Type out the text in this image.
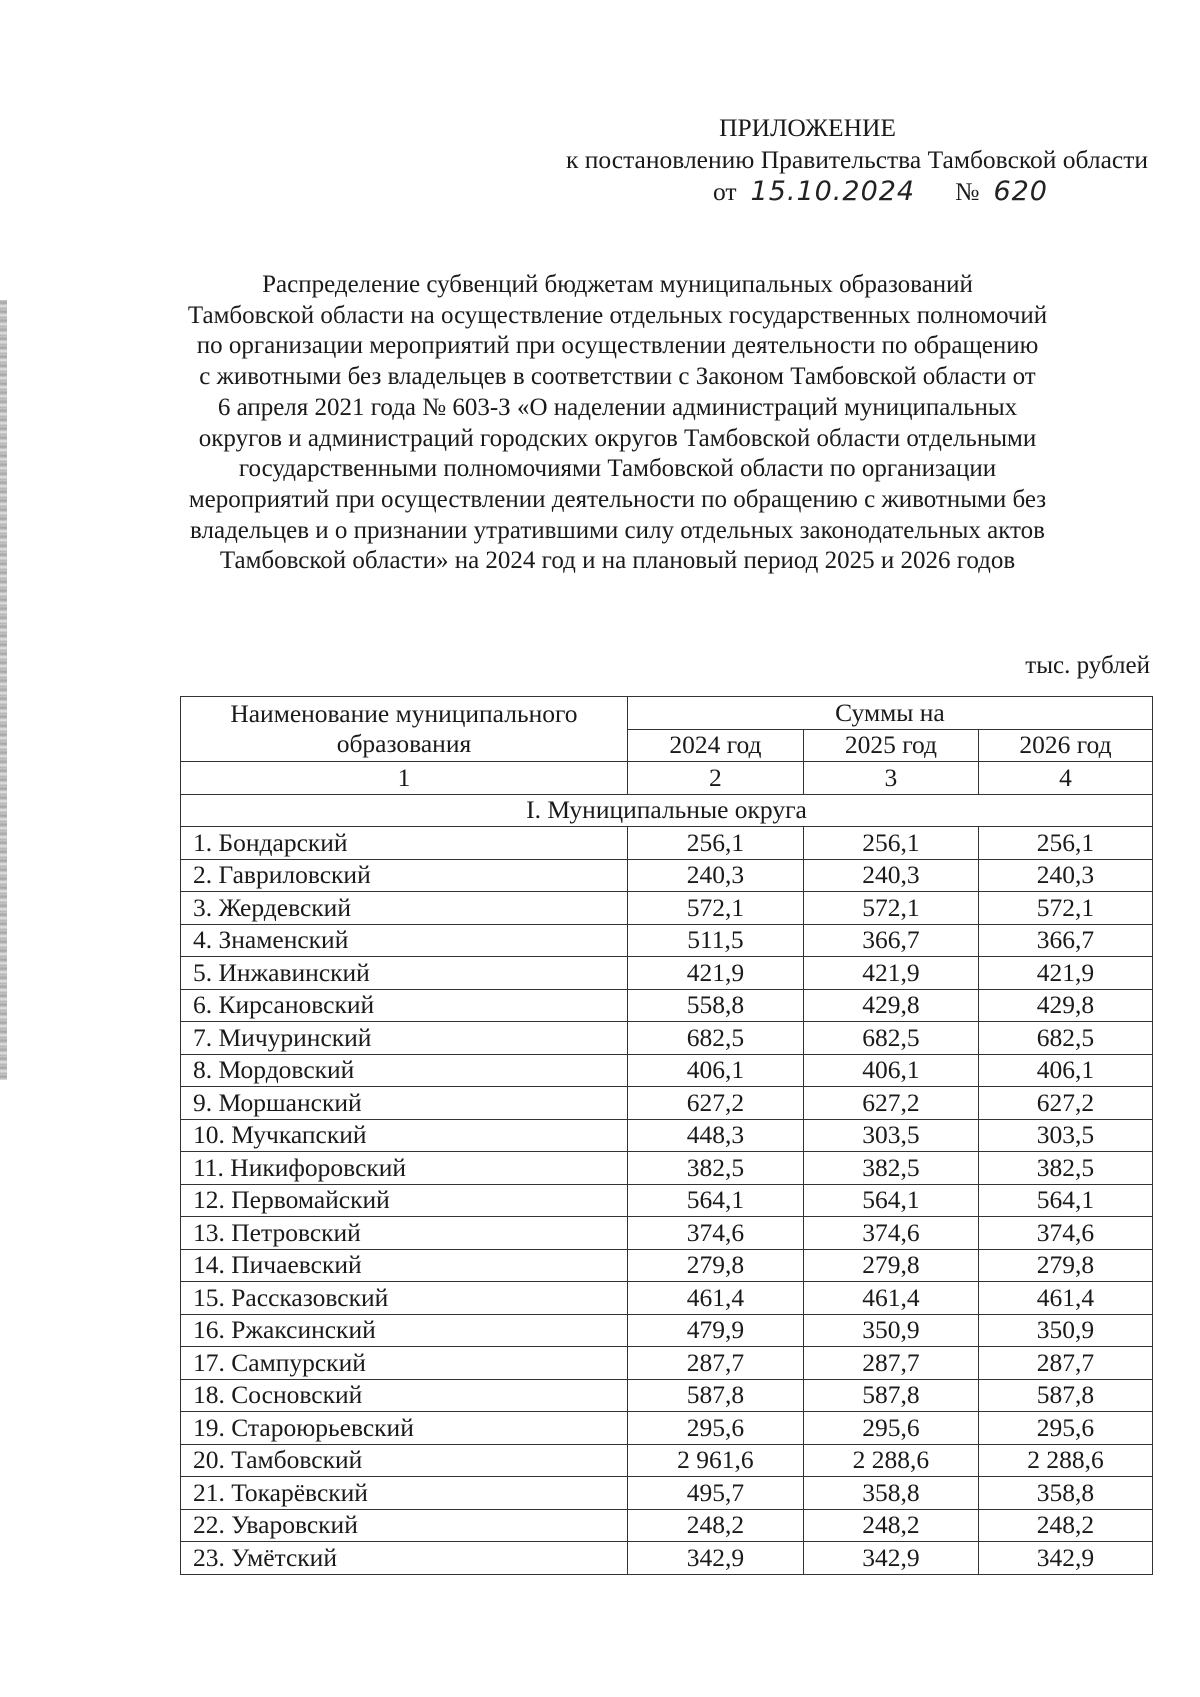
ПРИЛОЖЕНИЕ
к постановлению Правительства Тамбовской области
от 15.10.2024 № 620
Распределение субвенций бюджетам муниципальных образований
Тамбовской области на осуществление отдельных государственных полномочий
по организации мероприятий при осуществлении деятельности по обращению
с животными без владельцев в соответствии с Законом Тамбовской области от
6 апреля 2021 года № 603-З «О наделении администраций муниципальных
округов и администраций городских округов Тамбовской области отдельными
государственными полномочиями Тамбовской области по организации
мероприятий при осуществлении деятельности по обращению с животными без
владельцев и о признании утратившими силу отдельных законодательных актов
Тамбовской области» на 2024 год и на плановый период 2025 и 2026 годов
тыс. рублей
Наименование муниципального образования	Суммы на		
	2024 год	2025 год	2026 год
1	2	3	4
I. Муниципальные округа			
1. Бондарский	256,1	256,1	256,1
2. Гавриловский	240,3	240,3	240,3
3. Жердевский	572,1	572,1	572,1
4. Знаменский	511,5	366,7	366,7
5. Инжавинский	421,9	421,9	421,9
6. Кирсановский	558,8	429,8	429,8
7. Мичуринский	682,5	682,5	682,5
8. Мордовский	406,1	406,1	406,1
9. Моршанский	627,2	627,2	627,2
10. Мучкапский	448,3	303,5	303,5
11. Никифоровский	382,5	382,5	382,5
12. Первомайский	564,1	564,1	564,1
13. Петровский	374,6	374,6	374,6
14. Пичаевский	279,8	279,8	279,8
15. Рассказовский	461,4	461,4	461,4
16. Ржаксинский	479,9	350,9	350,9
17. Сампурский	287,7	287,7	287,7
18. Сосновский	587,8	587,8	587,8
19. Староюрьевский	295,6	295,6	295,6
20. Тамбовский	2 961,6	2 288,6	2 288,6
21. Токарёвский	495,7	358,8	358,8
22. Уваровский	248,2	248,2	248,2
23. Умётский	342,9	342,9	342,9
